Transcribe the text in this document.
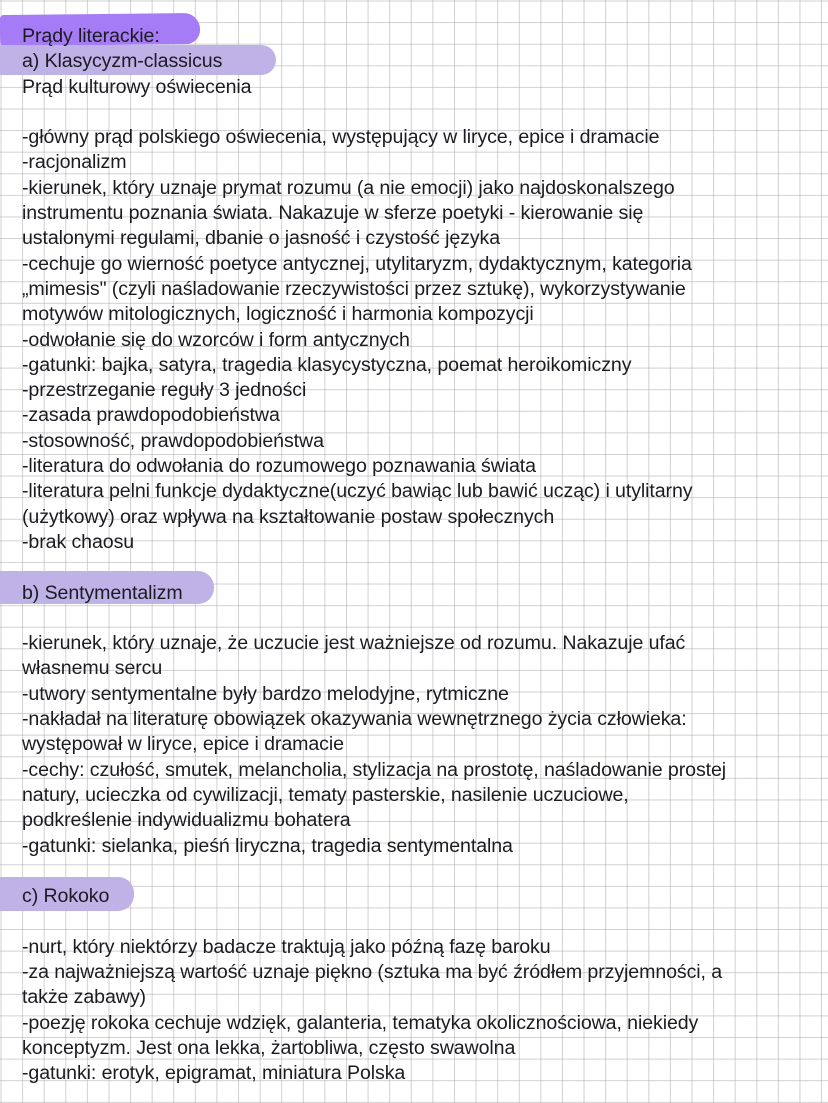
Prądy literackie:
a) Klasycyzm-classicus
Prąd kulturowy oświecenia
-główny prąd polskiego oświecenia, występujący w liryce, epice i dramacie
-racjonalizm
-kierunek, który uznaje prymat rozumu (a nie emocji) jako najdoskonalszego
instrumentu poznania świata. Nakazuje w sferze poetyki - kierowanie się
ustalonymi regulami, dbanie o jasność i czystość języka
-cechuje go wierność poetyce antycznej, utylitaryzm, dydaktycznym, kategoria
„mimesis" (czyli naśladowanie rzeczywistości przez sztukę), wykorzystywanie
motywów mitologicznych, logiczność i harmonia kompozycji
-odwołanie się do wzorców i form antycznych
-gatunki: bajka, satyra, tragedia klasycystyczna, poemat heroikomiczny
-przestrzeganie reguły 3 jedności
-zasada prawdopodobieństwa
-stosowność, prawdopodobieństwa
-literatura do odwołania do rozumowego poznawania świata
-literatura pelni funkcje dydaktyczne(uczyć bawiąc lub bawić ucząc) i utylitarny
(użytkowy) oraz wpływa na kształtowanie postaw społecznych
-brak chaosu
b) Sentymentalizm
-kierunek, który uznaje, że uczucie jest ważniejsze od rozumu. Nakazuje ufać
własnemu sercu
-utwory sentymentalne były bardzo melodyjne, rytmiczne
-nakładał na literaturę obowiązek okazywania wewnętrznego życia człowieka:
występował w liryce, epice i dramacie
-cechy: czułość, smutek, melancholia, stylizacja na prostotę, naśladowanie prostej
natury, ucieczka od cywilizacji, tematy pasterskie, nasilenie uczuciowe,
podkreślenie indywidualizmu bohatera
-gatunki: sielanka, pieśń liryczna, tragedia sentymentalna
c) Rokoko
-nurt, który niektórzy badacze traktują jako późną fazę baroku
-za najważniejszą wartość uznaje piękno (sztuka ma być źródłem przyjemności, a
także zabawy)
-poezję rokoka cechuje wdzięk, galanteria, tematyka okolicznościowa, niekiedy
konceptyzm. Jest ona lekka, żartobliwa, często swawolna
-gatunki: erotyk, epigramat, miniatura Polska
